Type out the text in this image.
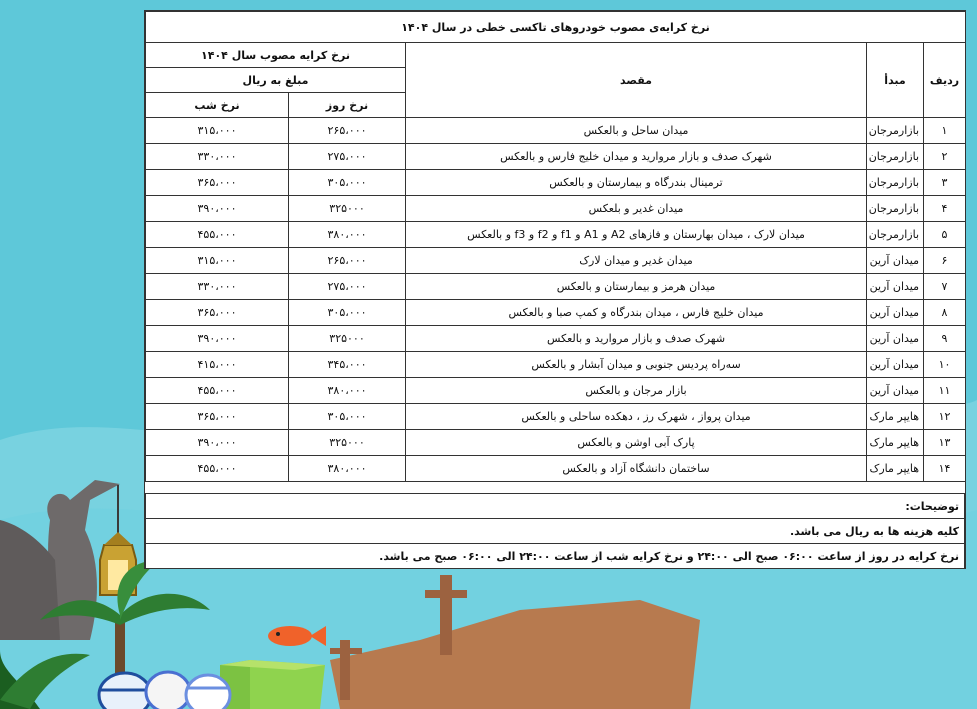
نرخ کرایه‌ی مصوب خودروهای تاکسی خطی در سال ۱۴۰۴				
ردیف	مبدأ	مقصد	نرخ کرایه مصوب سال ۱۴۰۴	
			مبلغ به ریال	
			نرخ روز	نرخ شب
۱	بازارمرجان	میدان ساحل و بالعکس	۲۶۵،۰۰۰	۳۱۵،۰۰۰
۲	بازارمرجان	شهرک صدف و بازار مروارید و میدان خلیج فارس و بالعکس	۲۷۵،۰۰۰	۳۳۰،۰۰۰
۳	بازارمرجان	ترمینال بندرگاه و بیمارستان و بالعکس	۳۰۵،۰۰۰	۳۶۵،۰۰۰
۴	بازارمرجان	میدان غدیر و بلعکس	۳۲۵۰۰۰	۳۹۰،۰۰۰
۵	بازارمرجان	میدان لارک ، میدان بهارستان و فازهای A2 و A1 و f1 و f2 و f3 و بالعکس	۳۸۰،۰۰۰	۴۵۵،۰۰۰
۶	میدان آرین	میدان غدیر و میدان لارک	۲۶۵،۰۰۰	۳۱۵،۰۰۰
۷	میدان آرین	میدان هرمز و بیمارستان و بالعکس	۲۷۵،۰۰۰	۳۳۰،۰۰۰
۸	میدان آرین	میدان خلیج فارس ، میدان بندرگاه و کمپ صبا و بالعکس	۳۰۵،۰۰۰	۳۶۵،۰۰۰
۹	میدان آرین	شهرک صدف و بازار مروارید و بالعکس	۳۲۵۰۰۰	۳۹۰،۰۰۰
۱۰	میدان آرین	سه‌راه پردیس جنوبی و میدان آبشار و بالعکس	۳۴۵،۰۰۰	۴۱۵،۰۰۰
۱۱	میدان آرین	بازار مرجان و بالعکس	۳۸۰،۰۰۰	۴۵۵،۰۰۰
۱۲	هایپر مارک	میدان پرواز ، شهرک رز ، دهکده ساحلی و بالعکس	۳۰۵،۰۰۰	۳۶۵،۰۰۰
۱۳	هایپر مارک	پارک آبی اوشن و بالعکس	۳۲۵۰۰۰	۳۹۰،۰۰۰
۱۴	هایپر مارک	ساختمان دانشگاه آزاد و بالعکس	۳۸۰،۰۰۰	۴۵۵،۰۰۰
توضیحات:
کلیه هزینه ها به ریال می باشد.
نرخ کرایه در روز از ساعت ۰۶:۰۰ صبح الی ۲۴:۰۰ و نرخ کرایه شب از ساعت ۲۴:۰۰ الی ۰۶:۰۰ صبح می باشد.
